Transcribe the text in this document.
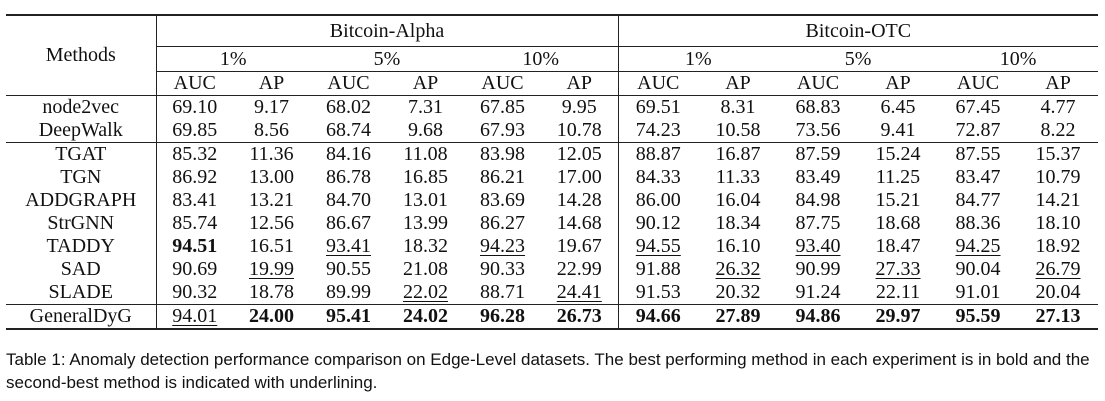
Methods	Bitcoin-Alpha						Bitcoin-OTC					
	1%		5%		10%		1%		5%		10%	
	AUC	AP	AUC	AP	AUC	AP	AUC	AP	AUC	AP	AUC	AP
node2vec	69.10	9.17	68.02	7.31	67.85	9.95	69.51	8.31	68.83	6.45	67.45	4.77
DeepWalk	69.85	8.56	68.74	9.68	67.93	10.78	74.23	10.58	73.56	9.41	72.87	8.22
TGAT	85.32	11.36	84.16	11.08	83.98	12.05	88.87	16.87	87.59	15.24	87.55	15.37
TGN	86.92	13.00	86.78	16.85	86.21	17.00	84.33	11.33	83.49	11.25	83.47	10.79
ADDGRAPH	83.41	13.21	84.70	13.01	83.69	14.28	86.00	16.04	84.98	15.21	84.77	14.21
StrGNN	85.74	12.56	86.67	13.99	86.27	14.68	90.12	18.34	87.75	18.68	88.36	18.10
TADDY	94.51	16.51	93.41	18.32	94.23	19.67	94.55	16.10	93.40	18.47	94.25	18.92
SAD	90.69	19.99	90.55	21.08	90.33	22.99	91.88	26.32	90.99	27.33	90.04	26.79
SLADE	90.32	18.78	89.99	22.02	88.71	24.41	91.53	20.32	91.24	22.11	91.01	20.04
GeneralDyG	94.01	24.00	95.41	24.02	96.28	26.73	94.66	27.89	94.86	29.97	95.59	27.13
Table 1: Anomaly detection performance comparison on Edge-Level datasets. The best performing method in each experiment is in bold and the second-best method is indicated with underlining.
